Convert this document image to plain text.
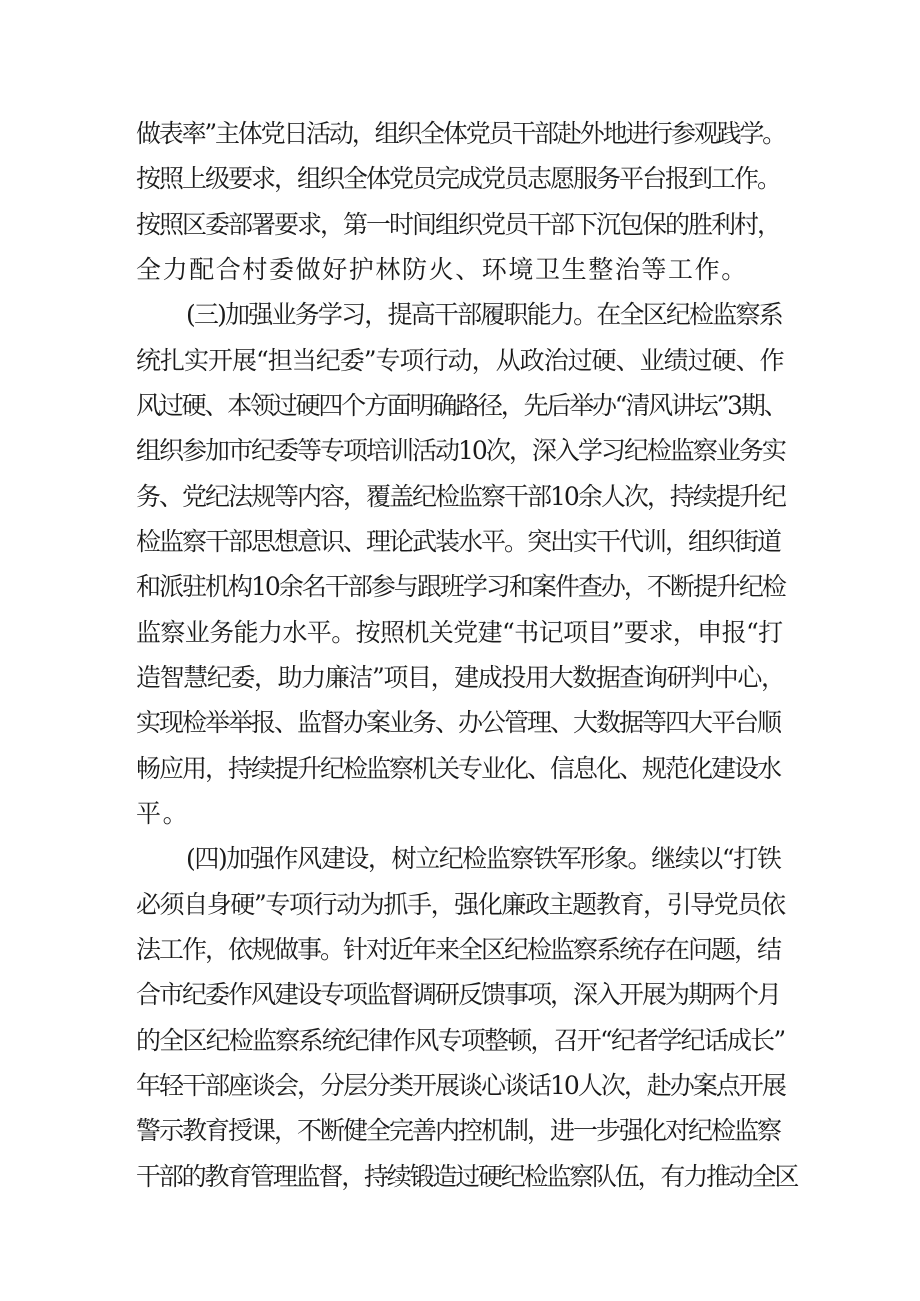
做表率”主体党日活动，组织全体党员干部赴外地进行参观践学。
按照上级要求，组织全体党员完成党员志愿服务平台报到工作。
按照区委部署要求，第一时间组织党员干部下沉包保的胜利村，
全力配合村委做好护林防火、环境卫生整治等工作。
(三)加强业务学习，提高干部履职能力。在全区纪检监察系
统扎实开展“担当纪委”专项行动，从政治过硬、业绩过硬、作
风过硬、本领过硬四个方面明确路径，先后举办“清风讲坛”3期、
组织参加市纪委等专项培训活动10次，深入学习纪检监察业务实
务、党纪法规等内容，覆盖纪检监察干部10余人次，持续提升纪
检监察干部思想意识、理论武装水平。突出实干代训，组织街道
和派驻机构10余名干部参与跟班学习和案件查办，不断提升纪检
监察业务能力水平。按照机关党建“书记项目”要求，申报“打
造智慧纪委，助力廉洁”项目，建成投用大数据查询研判中心，
实现检举举报、监督办案业务、办公管理、大数据等四大平台顺
畅应用，持续提升纪检监察机关专业化、信息化、规范化建设水
平。
(四)加强作风建设，树立纪检监察铁军形象。继续以“打铁
必须自身硬”专项行动为抓手，强化廉政主题教育，引导党员依
法工作，依规做事。针对近年来全区纪检监察系统存在问题，结
合市纪委作风建设专项监督调研反馈事项，深入开展为期两个月
的全区纪检监察系统纪律作风专项整顿，召开“纪者学纪话成长”
年轻干部座谈会，分层分类开展谈心谈话10人次，赴办案点开展
警示教育授课，不断健全完善内控机制，进一步强化对纪检监察
干部的教育管理监督，持续锻造过硬纪检监察队伍，有力推动全区
